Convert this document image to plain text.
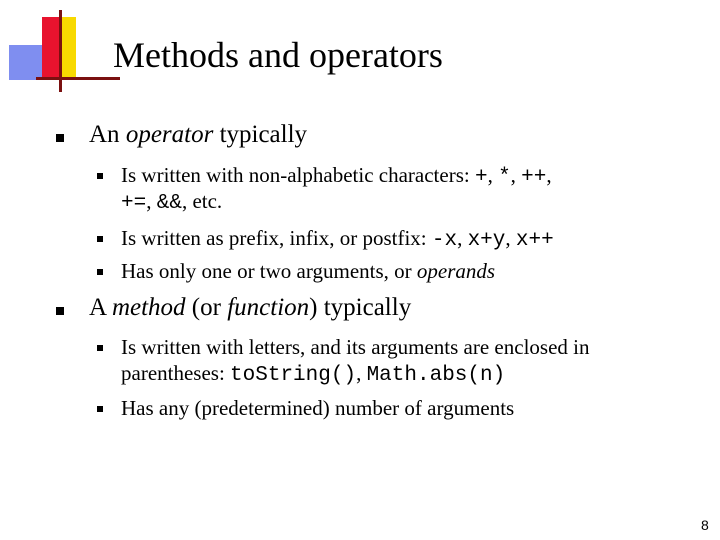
Methods and operators
An operator typically
Is written with non-alphabetic characters: +, *, ++,
+=, &&, etc.
Is written as prefix, infix, or postfix: -x, x+y, x++
Has only one or two arguments, or operands
A method (or function) typically
Is written with letters, and its arguments are enclosed in
parentheses: toString(), Math.abs(n)
Has any (predetermined) number of arguments
8
